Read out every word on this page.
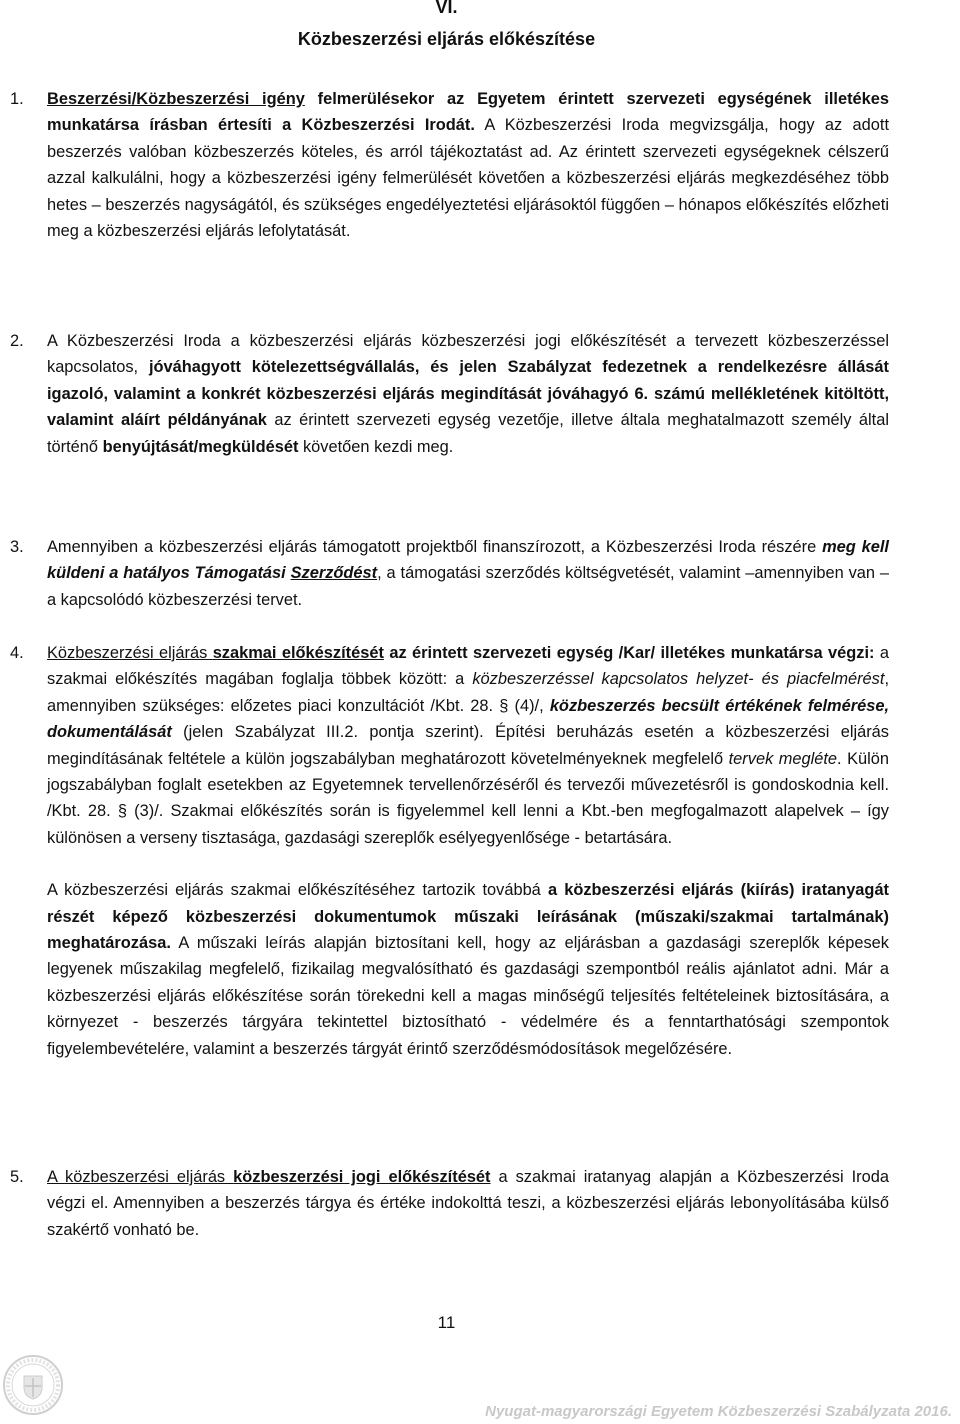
VI.
Közbeszerzési eljárás előkészítése
1. Beszerzési/Közbeszerzési igény felmerülésekor az Egyetem érintett szervezeti egységének illetékes munkatársa írásban értesíti a Közbeszerzési Irodát. A Közbeszerzési Iroda megvizsgálja, hogy az adott beszerzés valóban közbeszerzés köteles, és arról tájékoztatást ad. Az érintett szervezeti egységeknek célszerű azzal kalkulálni, hogy a közbeszerzési igény felmerülését követően a közbeszerzési eljárás megkezdéséhez több hetes – beszerzés nagyságától, és szükséges engedélyeztetési eljárásoktól függően – hónapos előkészítés előzheti meg a közbeszerzési eljárás lefolytatását.

2. A Közbeszerzési Iroda a közbeszerzési eljárás közbeszerzési jogi előkészítését a tervezett közbeszerzéssel kapcsolatos, jóváhagyott kötelezettségvállalás, és jelen Szabályzat fedezetnek a rendelkezésre állását igazoló, valamint a konkrét közbeszerzési eljárás megindítását jóváhagyó 6. számú mellékletének kitöltött, valamint aláírt példányának az érintett szervezeti egység vezetője, illetve általa meghatalmazott személy által történő benyújtását/megküldését követően kezdi meg.

3. Amennyiben a közbeszerzési eljárás támogatott projektből finanszírozott, a Közbeszerzési Iroda részére meg kell küldeni a hatályos Támogatási Szerződést, a támogatási szerződés költségvetését, valamint –amennyiben van – a kapcsolódó közbeszerzési tervet.

4. Közbeszerzési eljárás szakmai előkészítését az érintett szervezeti egység /Kar/ illetékes munkatársa végzi: a szakmai előkészítés magában foglalja többek között: a közbeszerzéssel kapcsolatos helyzet- és piacfelmérést, amennyiben szükséges: előzetes piaci konzultációt /Kbt. 28. § (4)/, közbeszerzés becsült értékének felmérése, dokumentálását (jelen Szabályzat III.2. pontja szerint). Építési beruházás esetén a közbeszerzési eljárás megindításának feltétele a külön jogszabályban meghatározott követelményeknek megfelelő tervek megléte. Külön jogszabályban foglalt esetekben az Egyetemnek tervellenőrzéséről és tervezői művezetésről is gondoskodnia kell. /Kbt. 28. § (3)/. Szakmai előkészítés során is figyelemmel kell lenni a Kbt.-ben megfogalmazott alapelvek – így különösen a verseny tisztasága, gazdasági szereplők esélyegyenlősége - betartására.

A közbeszerzési eljárás szakmai előkészítéséhez tartozik továbbá a közbeszerzési eljárás (kiírás) iratanyagát részét képező közbeszerzési dokumentumok műszaki leírásának (műszaki/szakmai tartalmának) meghatározása. A műszaki leírás alapján biztosítani kell, hogy az eljárásban a gazdasági szereplők képesek legyenek műszakilag megfelelő, fizikailag megvalósítható és gazdasági szempontból reális ajánlatot adni. Már a közbeszerzési eljárás előkészítése során törekedni kell a magas minőségű teljesítés feltételeinek biztosítására, a környezet - beszerzés tárgyára tekintettel biztosítható - védelmére és a fenntarthatósági szempontok figyelembevételére, valamint a beszerzés tárgyát érintő szerződésmódosítások megelőzésére.

5. A közbeszerzési eljárás közbeszerzési jogi előkészítését a szakmai iratanyag alapján a Közbeszerzési Iroda végzi el. Amennyiben a beszerzés tárgya és értéke indokolttá teszi, a közbeszerzési eljárás lebonyolításába külső szakértő vonható be.

11
Nyugat-magyarországi Egyetem Közbeszerzési Szabályzata 2016.
